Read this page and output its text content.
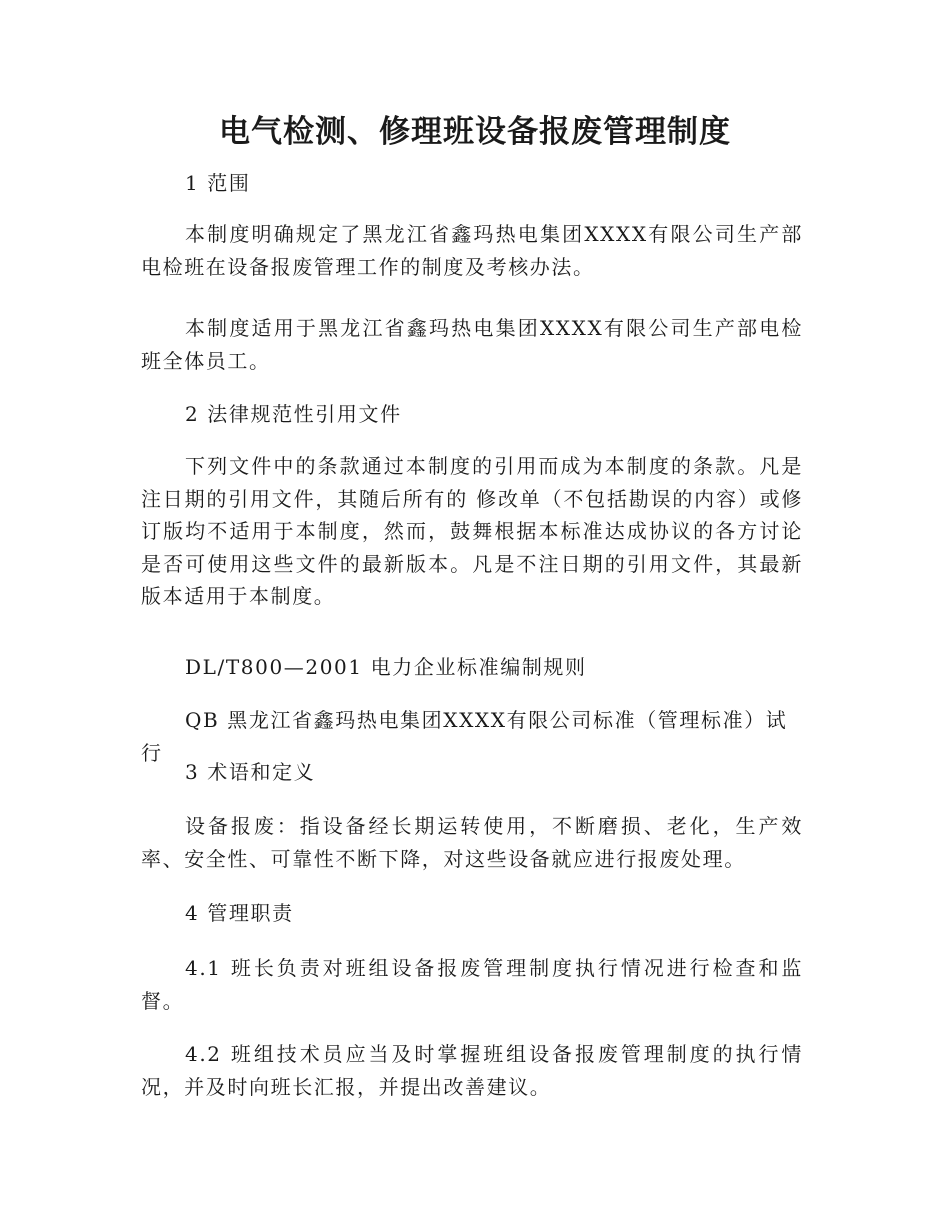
电气检测、修理班设备报废管理制度

1 范围

本制度明确规定了黑龙江省鑫玛热电集团XXXX有限公司生产部电检班在设备报废管理工作的制度及考核办法。

本制度适用于黑龙江省鑫玛热电集团XXXX有限公司生产部电检班全体员工。

2 法律规范性引用文件

下列文件中的条款通过本制度的引用而成为本制度的条款。凡是注日期的引用文件，其随后所有的 修改单（不包括勘误的内容）或修订版均不适用于本制度，然而，鼓舞根据本标准达成协议的各方讨论是否可使用这些文件的最新版本。凡是不注日期的引用文件，其最新版本适用于本制度。

DL/T800—2001 电力企业标准编制规则

QB 黑龙江省鑫玛热电集团XXXX有限公司标准（管理标准）试行

3 术语和定义

设备报废：指设备经长期运转使用，不断磨损、老化，生产效率、安全性、可靠性不断下降，对这些设备就应进行报废处理。

4 管理职责

4.1 班长负责对班组设备报废管理制度执行情况进行检查和监督。

4.2 班组技术员应当及时掌握班组设备报废管理制度的执行情况，并及时向班长汇报，并提出改善建议。
